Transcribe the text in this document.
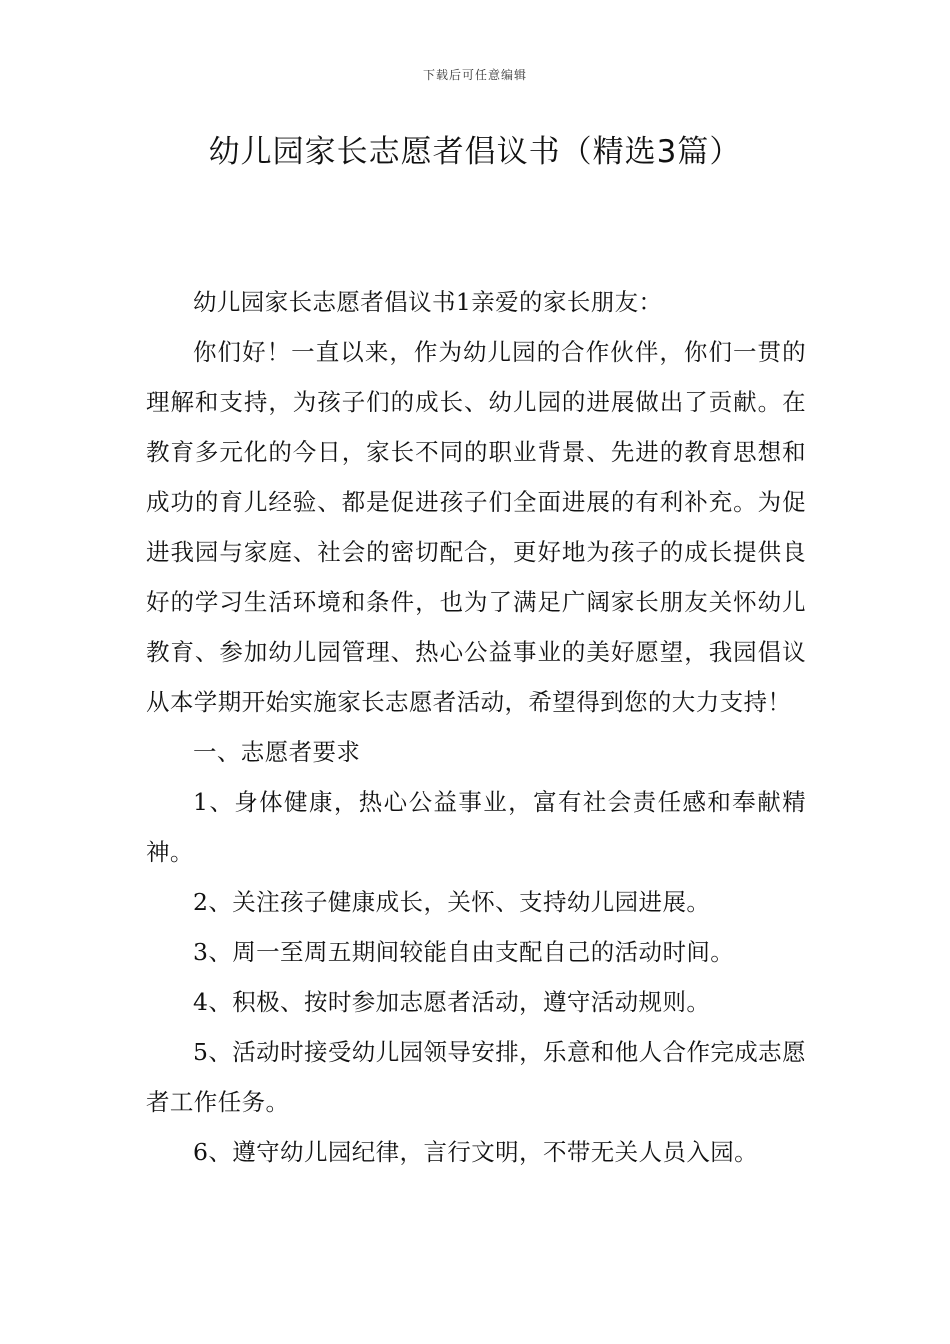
下载后可任意编辑
幼儿园家长志愿者倡议书（精选3篇）

幼儿园家长志愿者倡议书1亲爱的家长朋友：

你们好！一直以来，作为幼儿园的合作伙伴，你们一贯的理解和支持，为孩子们的成长、幼儿园的进展做出了贡献。在教育多元化的今日，家长不同的职业背景、先进的教育思想和成功的育儿经验、都是促进孩子们全面进展的有利补充。为促进我园与家庭、社会的密切配合，更好地为孩子的成长提供良好的学习生活环境和条件，也为了满足广阔家长朋友关怀幼儿教育、参加幼儿园管理、热心公益事业的美好愿望，我园倡议从本学期开始实施家长志愿者活动，希望得到您的大力支持！

一、志愿者要求

1、身体健康，热心公益事业，富有社会责任感和奉献精神。

2、关注孩子健康成长，关怀、支持幼儿园进展。

3、周一至周五期间较能自由支配自己的活动时间。

4、积极、按时参加志愿者活动，遵守活动规则。

5、活动时接受幼儿园领导安排，乐意和他人合作完成志愿者工作任务。

6、遵守幼儿园纪律，言行文明，不带无关人员入园。
